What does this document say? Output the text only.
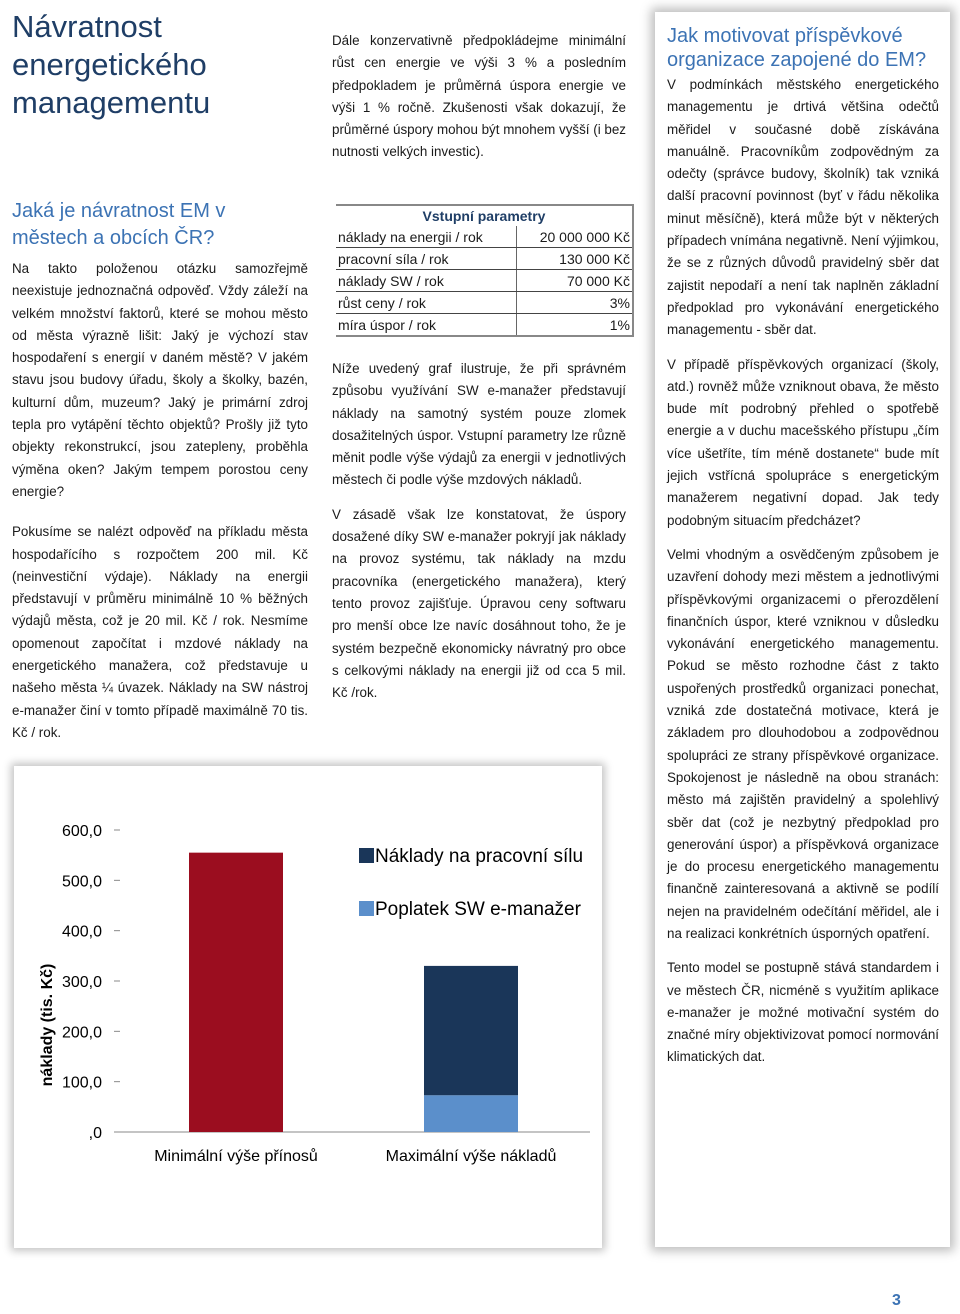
Návratnost energetického managementu
Jaká je návratnost EM v městech a obcích ČR?

Na takto položenou otázku samozřejmě neexistuje jednoznačná odpověď. Vždy záleží na velkém množství faktorů, které se mohou město od města výrazně lišit: Jaký je výchozí stav hospodaření s energií v daném městě? V jakém stavu jsou budovy úřadu, školy a školky, bazén, kulturní dům, muzeum? Jaký je primární zdroj tepla pro vytápění těchto objektů? Prošly již tyto objekty rekonstrukcí, jsou zatepleny, proběhla výměna oken? Jakým tempem porostou ceny energie?

Pokusíme se nalézt odpověď na příkladu města hospodařícího s rozpočtem 200 mil. Kč (neinvestiční výdaje). Náklady na energii představují v průměru minimálně 10 % běžných výdajů města, což je 20 mil. Kč / rok. Nesmíme opomenout započítat i mzdové náklady na energetického manažera, což představuje u našeho města ¼ úvazek. Náklady na SW nástroj e-manažer činí v tomto případě maximálně 70 tis. Kč / rok.

Dále konzervativně předpokládejme minimální růst cen energie ve výši 3 % a posledním předpokladem je průměrná úspora energie ve výši 1 % ročně. Zkušenosti však dokazují, že průměrné úspory mohou být mnohem vyšší (i bez nutnosti velkých investic).

Vstupní parametry	
náklady na energii / rok	20 000 000 Kč
pracovní síla / rok	130 000 Kč
náklady SW / rok	70 000 Kč
růst ceny / rok	3%
míra úspor / rok	1%

Níže uvedený graf ilustruje, že při správném způsobu využívání SW e-manažer představují náklady na samotný systém pouze zlomek dosažitelných úspor. Vstupní parametry lze různě měnit podle výše výdajů za energii v jednotlivých městech či podle výše mzdových nákladů.

V zásadě však lze konstatovat, že úspory dosažené díky SW e-manažer pokryjí jak náklady na provoz systému, tak náklady na mzdu pracovníka (energetického manažera), který tento provoz zajišťuje. Úpravou ceny softwaru pro menší obce lze navíc dosáhnout toho, že je systém bezpečně ekonomicky návratný pro obce s celkovými náklady na energii již od cca 5 mil. Kč /rok.

Jak motivovat příspěvkové organizace zapojené do EM?

V podmínkách městského energetického managementu je drtivá většina odečtů měřidel v současné době získávána manuálně. Pracovníkům zodpovědným za odečty (správce budovy, školník) tak vzniká další pracovní povinnost (byť v řádu několika minut měsíčně), která může být v některých případech vnímána negativně. Není výjimkou, že se z různých důvodů pravidelný sběr dat zajistit nepodaří a není tak naplněn základní předpoklad pro vykonávání energetického managementu - sběr dat.

V případě příspěvkových organizací (školy, atd.) rovněž může vzniknout obava, že město bude mít podrobný přehled o spotřebě energie a v duchu macešského přístupu „čím více ušetříte, tím méně dostanete“ bude mít jejich vstřícná spolupráce s energetickým manažerem negativní dopad. Jak tedy podobným situacím předcházet?

Velmi vhodným a osvědčeným způsobem je uzavření dohody mezi městem a jednotlivými příspěvkovými organizacemi o přerozdělení finančních úspor, které vzniknou v důsledku vykonávání energetického managementu. Pokud se město rozhodne část z takto uspořených prostředků organizaci ponechat, vzniká zde dostatečná motivace, která je základem pro dlouhodobou a zodpovědnou spolupráci ze strany příspěvkové organizace. Spokojenost je následně na obou stranách: město má zajištěn pravidelný a spolehlivý sběr dat (což je nezbytný předpoklad pro generování úspor) a příspěvková organizace je do procesu energetického managementu finančně zainteresovaná a aktivně se podílí nejen na pravidelném odečítání měřidel, ale i na realizaci konkrétních úsporných opatření.

Tento model se postupně stává standardem i ve městech ČR, nicméně s využitím aplikace e-manažer je možné motivační systém do značné míry objektivizovat pomocí normování klimatických dat.

,0
100,0
200,0
300,0
400,0
500,0
600,0
Minimální výše přínosů	Maximální výše nákladů
náklady (tis. Kč)
Náklady na pracovní sílu
Poplatek SW e-manažer
3
